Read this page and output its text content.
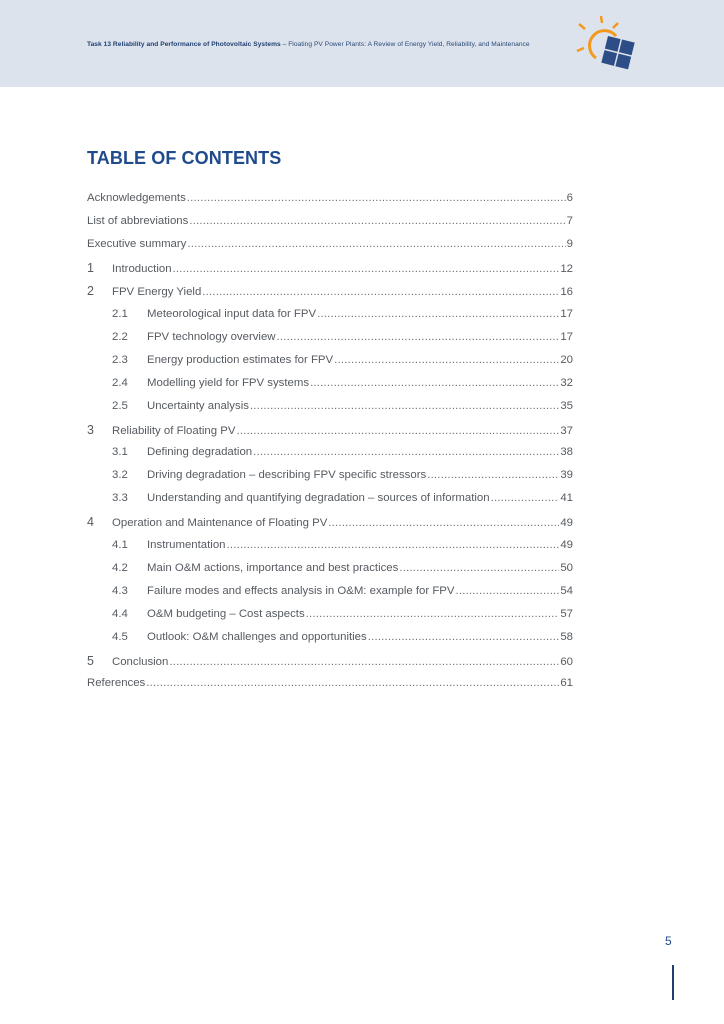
Task 13 Reliability and Performance of Photovoltaic Systems – Floating PV Power Plants: A Review of Energy Yield, Reliability, and Maintenance
TABLE OF CONTENTS
Acknowledgements .....	6
List of abbreviations .....	7
Executive summary .....	9
1	Introduction .....	12
2	FPV Energy Yield .....	16
2.1	Meteorological input data for FPV .....	17
2.2	FPV technology overview .....	17
2.3	Energy production estimates for FPV .....	20
2.4	Modelling yield for FPV systems .....	32
2.5	Uncertainty analysis .....	35
3	Reliability of Floating PV .....	37
3.1	Defining degradation .....	38
3.2	Driving degradation – describing FPV specific stressors .....	39
3.3	Understanding and quantifying degradation – sources of information .....	41
4	Operation and Maintenance of Floating PV .....	49
4.1	Instrumentation .....	49
4.2	Main O&M actions, importance and best practices .....	50
4.3	Failure modes and effects analysis in O&M: example for FPV .....	54
4.4	O&M budgeting – Cost aspects .....	57
4.5	Outlook: O&M challenges and opportunities .....	58
5	Conclusion .....	60
References .....	61
5
